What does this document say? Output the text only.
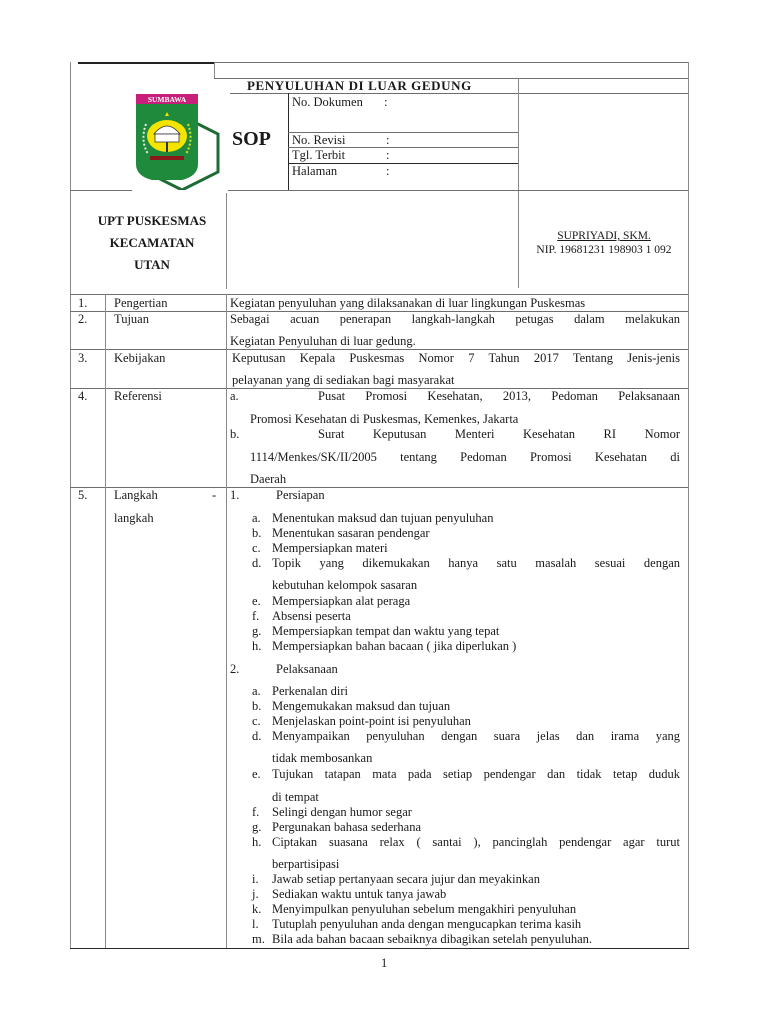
SUMBAWA
PENYULUHAN DI LUAR GEDUNG
SOP
No. Dokumen :
No. Revisi	:
Tgl. Terbit	:
Halaman	:
UPT PUSKESMAS
KECAMATAN
UTAN
SUPRIYADI, SKM.
NIP. 19681231 198903 1 092
1. Pengertian	Kegiatan penyuluhan yang dilaksanakan di luar lingkungan Puskesmas
2. Tujuan	Sebagai acuan penerapan langkah-langkah petugas dalam melakukan
Kegiatan Penyuluhan di luar gedung.
3. Kebijakan	Keputusan Kepala Puskesmas Nomor 7 Tahun 2017 Tentang Jenis-jenis
pelayanan yang di sediakan bagi masyarakat
4. Referensi	a.	Pusat Promosi Kesehatan, 2013, Pedoman Pelaksanaan
Promosi Kesehatan di Puskesmas, Kemenkes, Jakarta
b.	Surat Keputusan Menteri Kesehatan RI Nomor
1114/Menkes/SK/II/2005 tentang Pedoman Promosi Kesehatan di
Daerah
5. Langkah	-
langkah
1.	Persiapan
a. Menentukan maksud dan tujuan penyuluhan
b. Menentukan sasaran pendengar
c. Mempersiapkan materi
d. Topik yang dikemukakan hanya satu masalah sesuai dengan
kebutuhan kelompok sasaran
e. Mempersiapkan alat peraga
f. Absensi peserta
g. Mempersiapkan tempat dan waktu yang tepat
h. Mempersiapkan bahan bacaan ( jika diperlukan )
2.	Pelaksanaan
a. Perkenalan diri
b. Mengemukakan maksud dan tujuan
c. Menjelaskan point-point isi penyuluhan
d. Menyampaikan penyuluhan dengan suara jelas dan irama yang
tidak membosankan
e. Tujukan tatapan mata pada setiap pendengar dan tidak tetap duduk
di tempat
f. Selingi dengan humor segar
g. Pergunakan bahasa sederhana
h. Ciptakan suasana relax ( santai ), pancinglah pendengar agar turut
berpartisipasi
i. Jawab setiap pertanyaan secara jujur dan meyakinkan
j. Sediakan waktu untuk tanya jawab
k. Menyimpulkan penyuluhan sebelum mengakhiri penyuluhan
l. Tutuplah penyuluhan anda dengan mengucapkan terima kasih
m. Bila ada bahan bacaan sebaiknya dibagikan setelah penyuluhan.
1
